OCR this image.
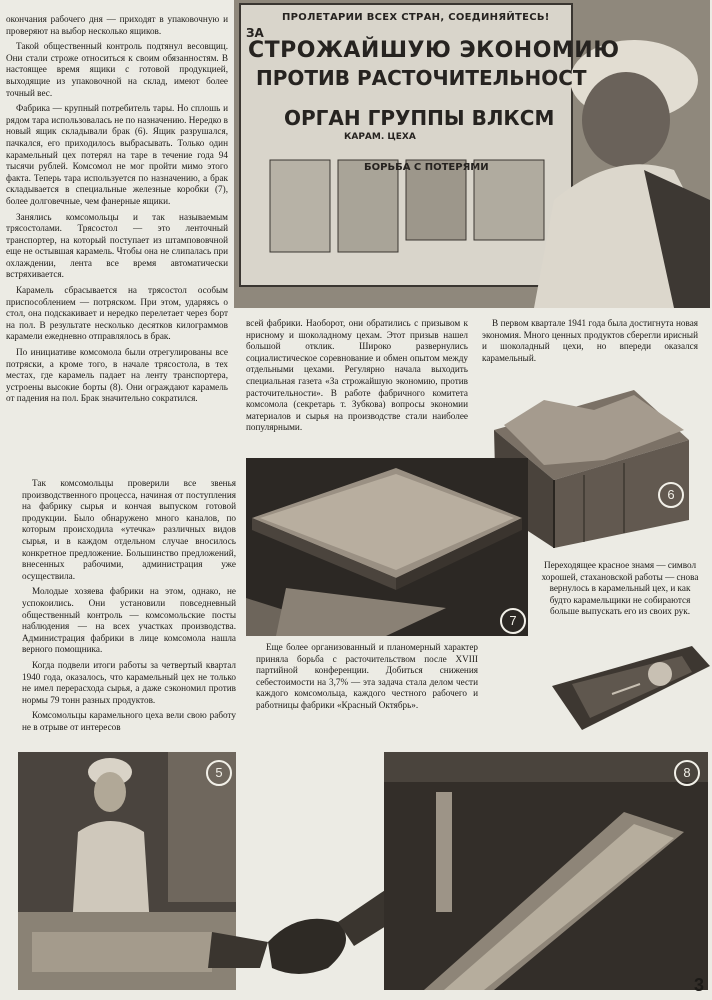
ПРОЛЕТАРИИ ВСЕХ СТРАН, СОЕДИНЯЙТЕСЬ!
ЗА
СТРОЖАЙШУЮ ЭКОНОМИЮ
ПРОТИВ РАСТОЧИТЕЛЬНОСТ
ОРГАН ГРУППЫ ВЛКСМ
КАРАМ. ЦЕХА
БОРЬБА С ПОТЕРЯМИ

окончания рабочего дня — приходят в упаковочную и проверяют на выбор несколько ящиков.

Такой общественный контроль подтянул весовщиц. Они стали строже относиться к своим обязанностям. В настоящее время ящики с готовой продукцией, выходящие из упаковочной на склад, имеют более точный вес.

Фабрика — крупный потребитель тары. Но сплошь и рядом тара использовалась не по назначению. Нередко в новый ящик складывали брак (6). Ящик разрушался, пачкался, его приходилось выбрасывать. Только один карамельный цех потерял на таре в течение года 94 тысячи рублей. Комсомол не мог пройти мимо этого факта. Теперь тара используется по назначению, а брак складывается в специальные железные коробки (7), более долговечные, чем фанерные ящики.

Занялись комсомольцы и так называемым трясостолами. Трясостол — это ленточный транспортер, на который поступает из штампововчной еще не остывшая карамель. Чтобы она не слипалась при охлаждении, лента все время автоматически встряхивается.

Карамель сбрасывается на трясостол особым приспособлением — потряском. При этом, ударяясь о стол, она подскакивает и нередко перелетает через борт на пол. В результате несколько десятков килограммов карамели ежедневно отправлялось в брак.

По инициативе комсомола были отрегулированы все потряски, а кроме того, в начале трясостола, в тех местах, где карамель падает на ленту транспортера, устроены высокие борты (8). Они ограждают карамель от падения на пол. Брак значительно сократился.

всей фабрики. Наоборот, они обратились с призывом к нрисному и шоколадному цехам. Этот призыв нашел большой отклик. Широко развернулись социалистическое соревнование и обмен опытом между отдельными цехами. Регулярно начала выходить специальная газета «За строжайшую экономию, против расточительности». В работе фабричного комитета комсомола (секретарь т. Зубкова) вопросы экономии материалов и сырья на производстве стали наиболее популярными.

В первом квартале 1941 года была достигнута новая экономия. Много ценных продуктов сберегли ирисный и шоколадный цехи, но впереди оказался карамельный.

6
7
Переходящее красное знамя — символ хорошей, стахановской работы — снова вернулось в карамельный цех, и как будто карамельщики не собираются больше выпускать его из своих рук.

Так комсомольцы проверили все звенья производственного процесса, начиная от поступления на фабрику сырья и кончая выпуском готовой продукции. Было обнаружено много каналов, по которым происходила «утечка» различных видов сырья, и в каждом отдельном случае вносилось конкретное предложение. Большинство предложений, внесенных рабочими, администрация уже осуществила.

Молодые хозяева фабрики на этом, однако, не успокоились. Они установили повседневный общественный контроль — комсомольские посты наблюдения — на всех участках производства. Администрация фабрики в лице комсомола нашла верного помощника.

Когда подвели итоги работы за четвертый квартал 1940 года, оказалось, что карамельный цех не только не имел перерасхода сырья, а даже сэкономил против нормы 79 тонн разных продуктов.

Комсомольцы карамельного цеха вели свою работу не в отрыве от интересов

Еще более организованный и планомерный характер приняла борьба с расточительством после XVIII партийной конференции. Добиться снижения себестоимости на 3,7% — эта задача стала делом чести каждого комсомольца, каждого честного рабочего и работницы фабрики «Красный Октябрь».

5	8
3
